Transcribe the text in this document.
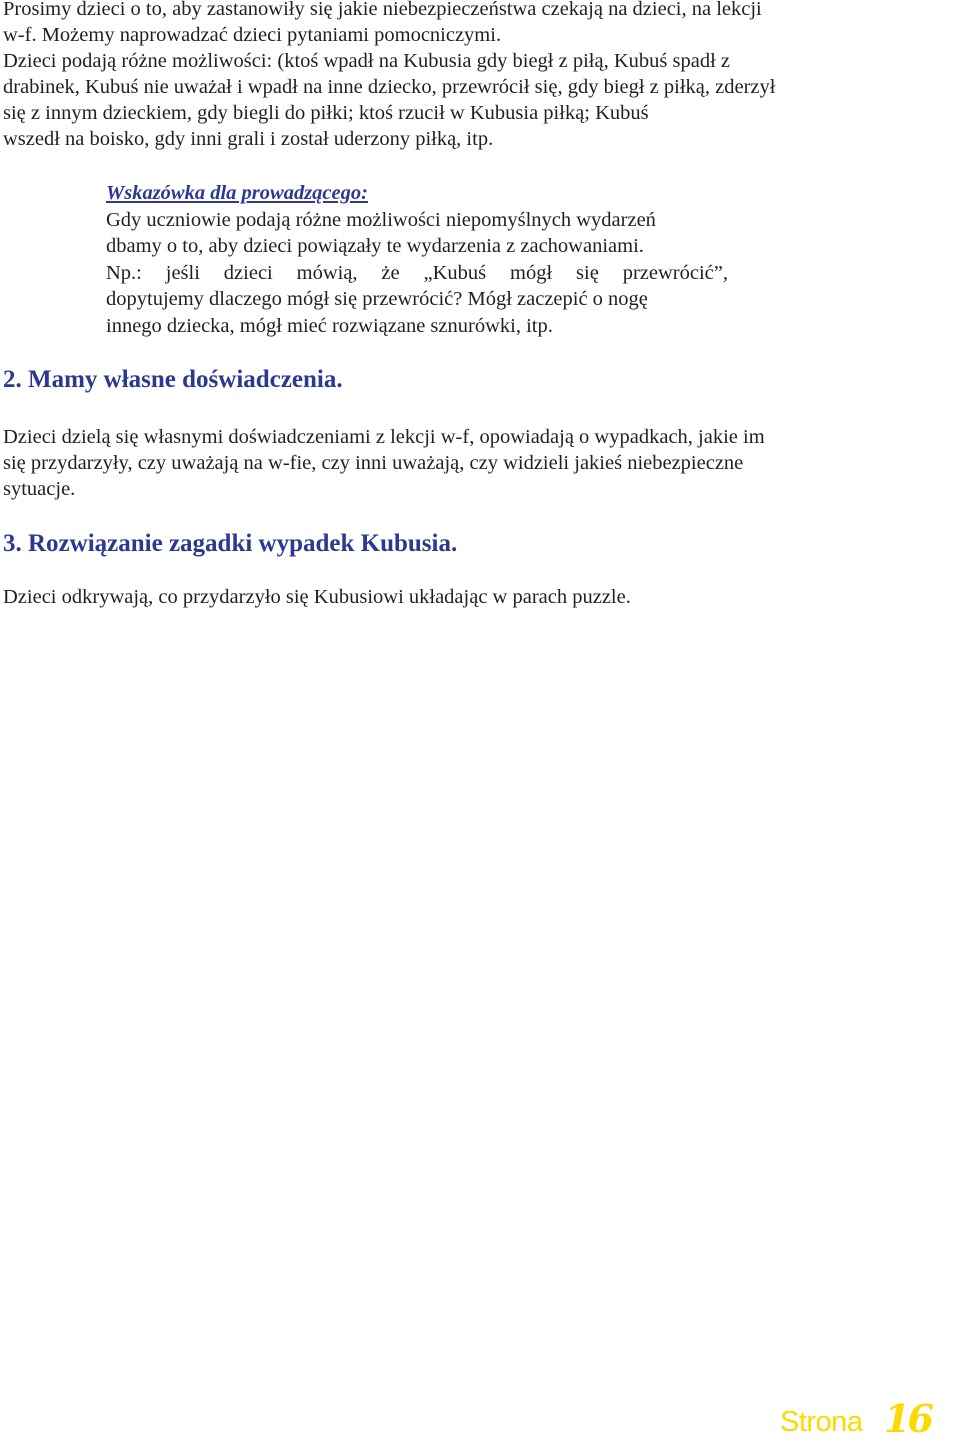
Prosimy dzieci o to, aby zastanowiły się jakie niebezpieczeństwa czekają na dzieci, na lekcji
w-f. Możemy naprowadzać dzieci pytaniami pomocniczymi.
Dzieci podają różne możliwości: (ktoś wpadł na Kubusia gdy biegł z piłą, Kubuś spadł z
drabinek, Kubuś nie uważał i wpadł na inne dziecko, przewrócił się, gdy biegł z piłką, zderzył
się z innym dzieckiem, gdy biegli do piłki; ktoś rzucił w Kubusia piłką; Kubuś
wszedł na boisko, gdy inni grali i został uderzony piłką, itp.
Wskazówka dla prowadzącego:
Gdy uczniowie podają różne możliwości niepomyślnych wydarzeń
dbamy o to, aby dzieci powiązały te wydarzenia z zachowaniami.
Np.: jeśli dzieci mówią, że „Kubuś mógł się przewrócić”,
dopytujemy dlaczego mógł się przewrócić? Mógł zaczepić o nogę
innego dziecka, mógł mieć rozwiązane sznurówki, itp.
2. Mamy własne doświadczenia.
Dzieci dzielą się własnymi doświadczeniami z lekcji w-f, opowiadają o wypadkach, jakie im
się przydarzyły, czy uważają na w-fie, czy inni uważają, czy widzieli jakieś niebezpieczne
sytuacje.
3. Rozwiązanie zagadki wypadek Kubusia.
Dzieci odkrywają, co przydarzyło się Kubusiowi układając w parach puzzle.
Strona 16
